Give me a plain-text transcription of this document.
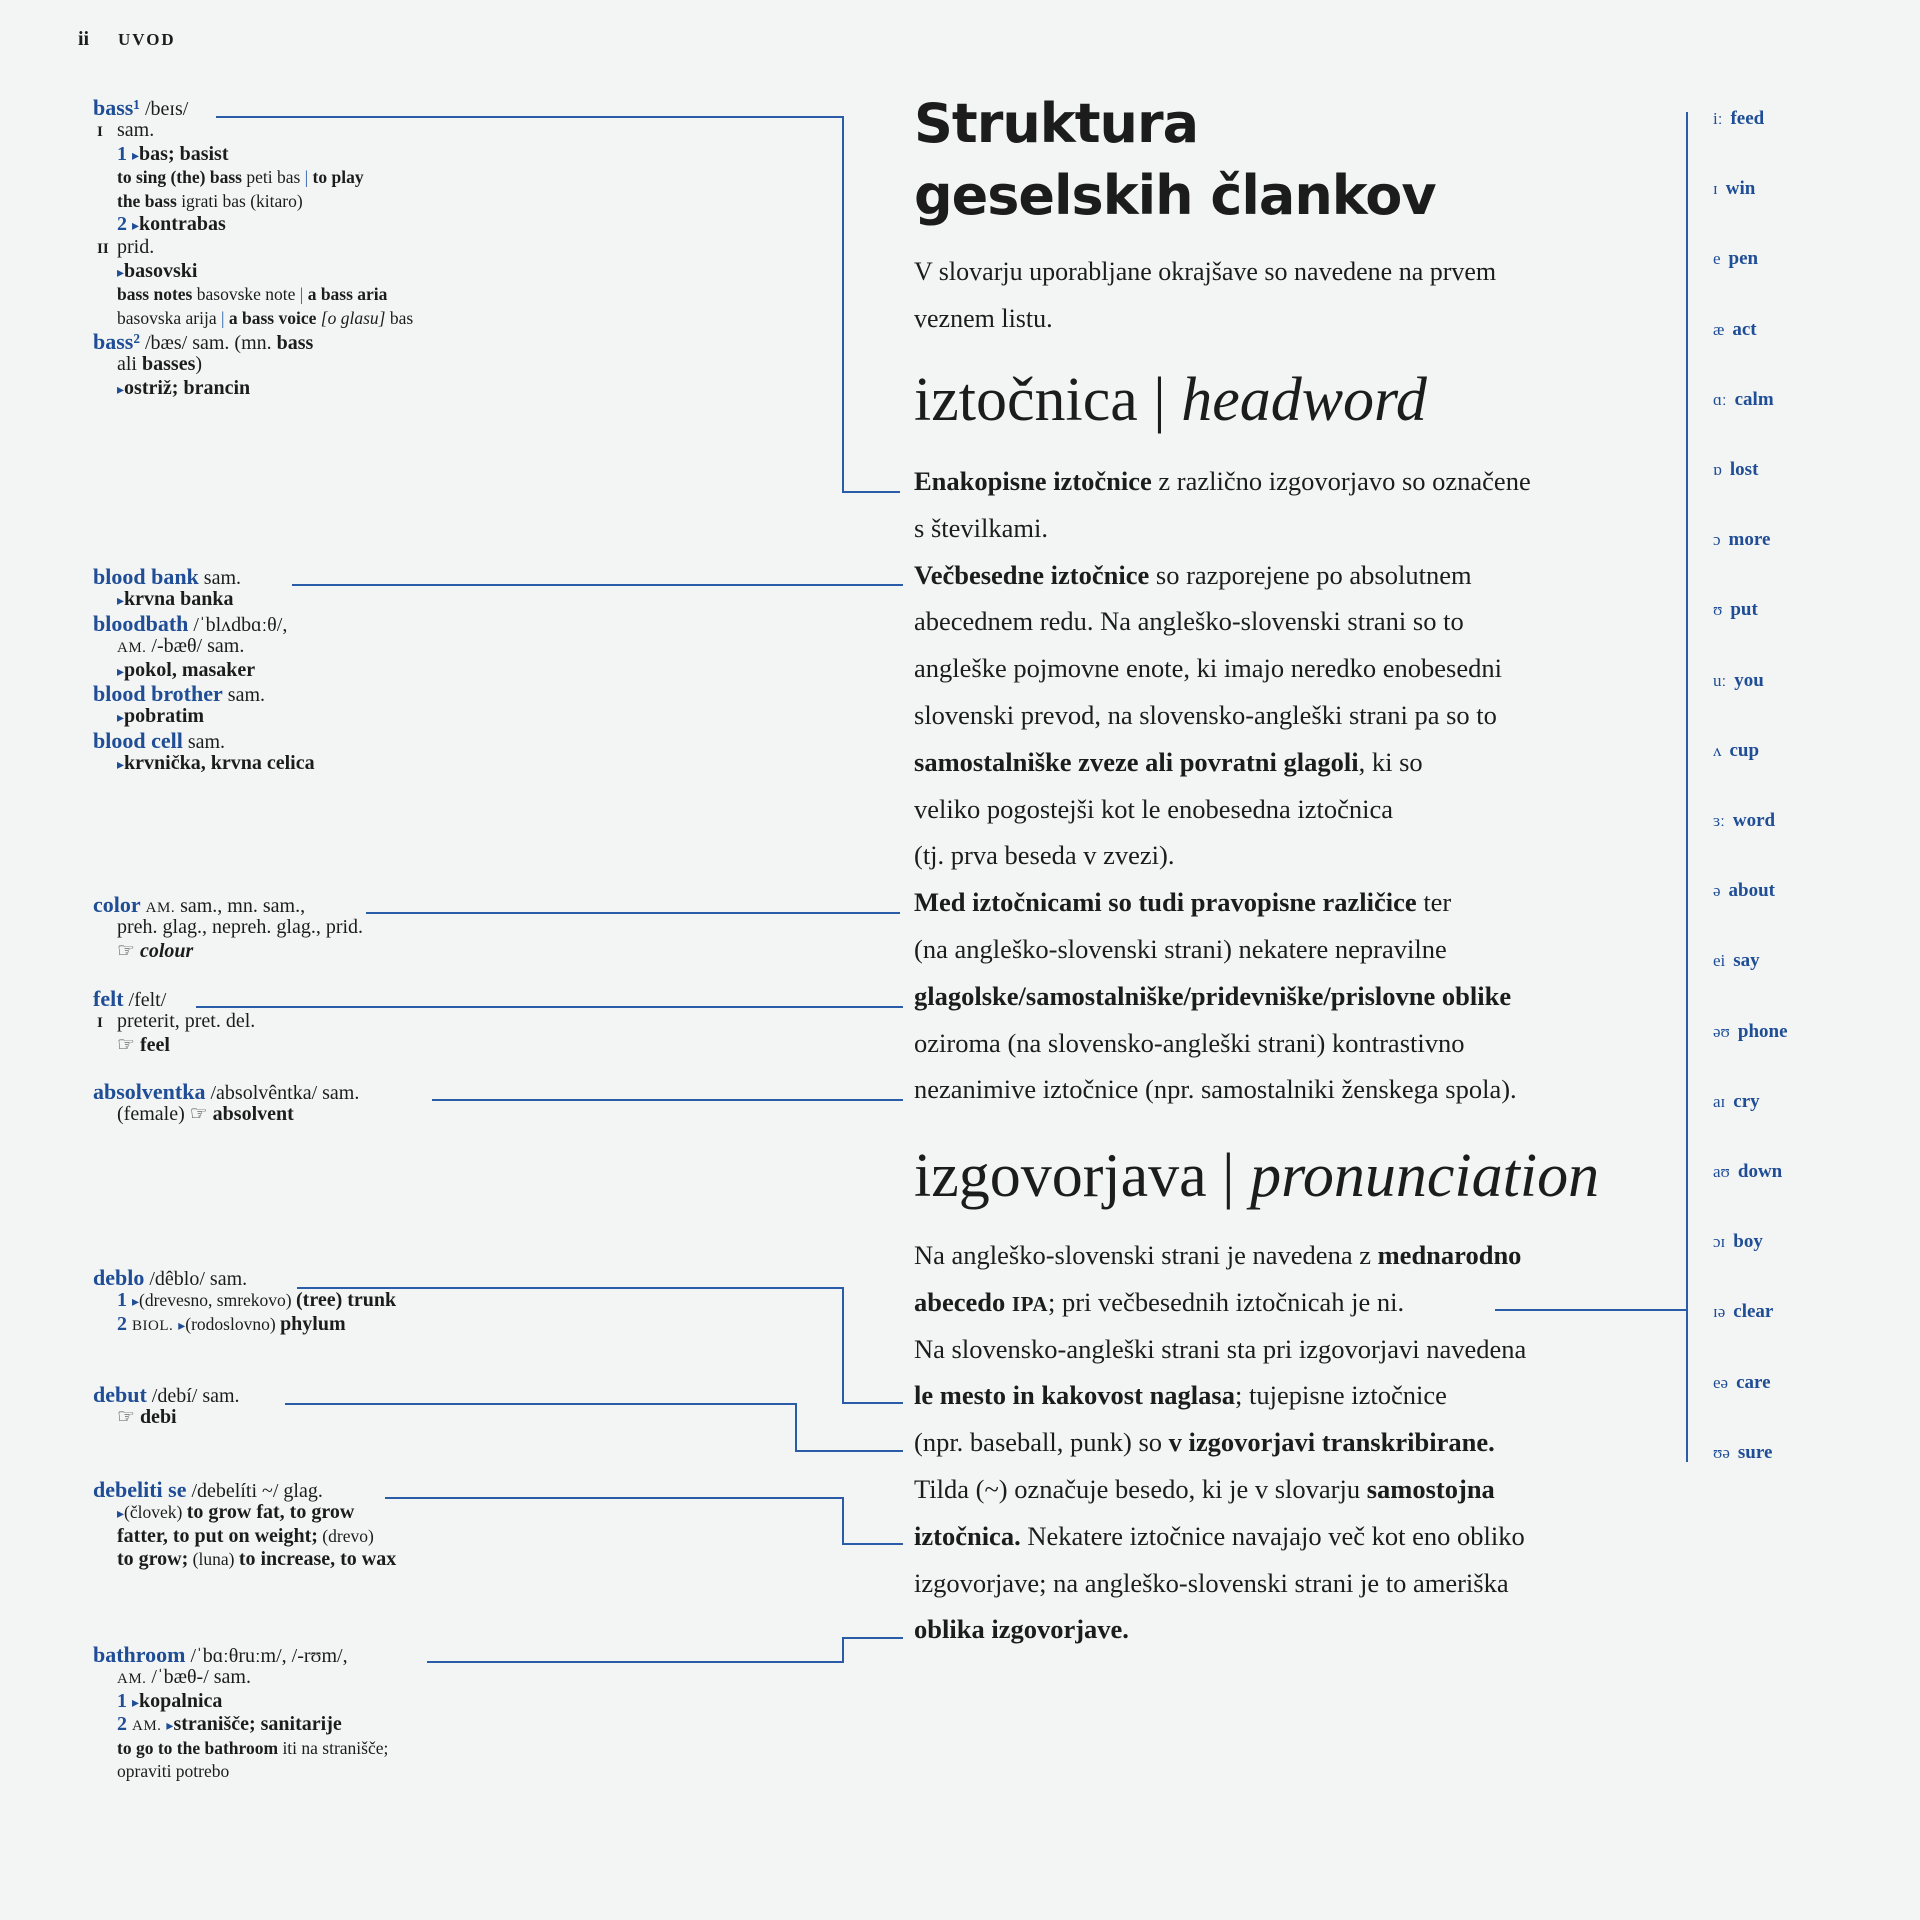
ii UVOD
bass¹ /beɪs/
I sam.
1 ▸bas; basist
to sing (the) bass peti bas | to play
the bass igrati bas (kitaro)
2 ▸kontrabas
II prid.
▸basovski
bass notes basovske note | a bass aria
basovska arija | a bass voice [o glasu] bas
bass² /bæs/ sam. (mn. bass
ali basses)
▸ostriž; brancin
blood bank sam.
▸krvna banka
bloodbath /ˈblʌdbɑːθ/,
AM. /-bæθ/ sam.
▸pokol, masaker
blood brother sam.
▸pobratim
blood cell sam.
▸krvnička, krvna celica
color AM. sam., mn. sam.,
preh. glag., nepreh. glag., prid.
☞ colour
felt /felt/
I preterit, pret. del.
☞ feel
absolventka /absolvêntka/ sam.
(female) ☞ absolvent
deblo /dêblo/ sam.
1 ▸(drevesno, smrekovo) (tree) trunk
2 BIOL. ▸(rodoslovno) phylum
debut /debí/ sam.
☞ debi
debeliti se /debelíti ~/ glag.
▸(človek) to grow fat, to grow
fatter, to put on weight; (drevo)
to grow; (luna) to increase, to wax
bathroom /ˈbɑːθruːm/, /-rʊm/,
AM. /ˈbæθ-/ sam.
1 ▸kopalnica
2 AM. ▸stranišče; sanitarije
to go to the bathroom iti na stranišče;
opraviti potrebo
Struktura
geselskih člankov
V slovarju uporabljane okrajšave so navedene na prvem
veznem listu.
iztočnica | headword
Enakopisne iztočnice z različno izgovorjavo so označene
s številkami.
Večbesedne iztočnice so razporejene po absolutnem
abecednem redu. Na angleško-slovenski strani so to
angleške pojmovne enote, ki imajo neredko enobesedni
slovenski prevod, na slovensko-angleški strani pa so to
samostalniške zveze ali povratni glagoli, ki so
veliko pogostejši kot le enobesedna iztočnica
(tj. prva beseda v zvezi).
Med iztočnicami so tudi pravopisne različice ter
(na angleško-slovenski strani) nekatere nepravilne
glagolske/samostalniške/pridevniške/prislovne oblike
oziroma (na slovensko-angleški strani) kontrastivno
nezanimive iztočnice (npr. samostalniki ženskega spola).
izgovorjava | pronunciation
Na angleško-slovenski strani je navedena z mednarodno
abecedo IPA; pri večbesednih iztočnicah je ni.
Na slovensko-angleški strani sta pri izgovorjavi navedena
le mesto in kakovost naglasa; tujepisne iztočnice
(npr. baseball, punk) so v izgovorjavi transkribirane.
Tilda (~) označuje besedo, ki je v slovarju samostojna
iztočnica. Nekatere iztočnice navajajo več kot eno obliko
izgovorjave; na angleško-slovenski strani je to ameriška
oblika izgovorjave.
iː feed
ɪ win
e pen
æ act
ɑː calm
ɒ lost
ɔ more
ʊ put
uː you
ʌ cup
ɜː word
ə about
ei say
əʊ phone
aɪ cry
aʊ down
ɔɪ boy
ɪə clear
eə care
ʊə sure
